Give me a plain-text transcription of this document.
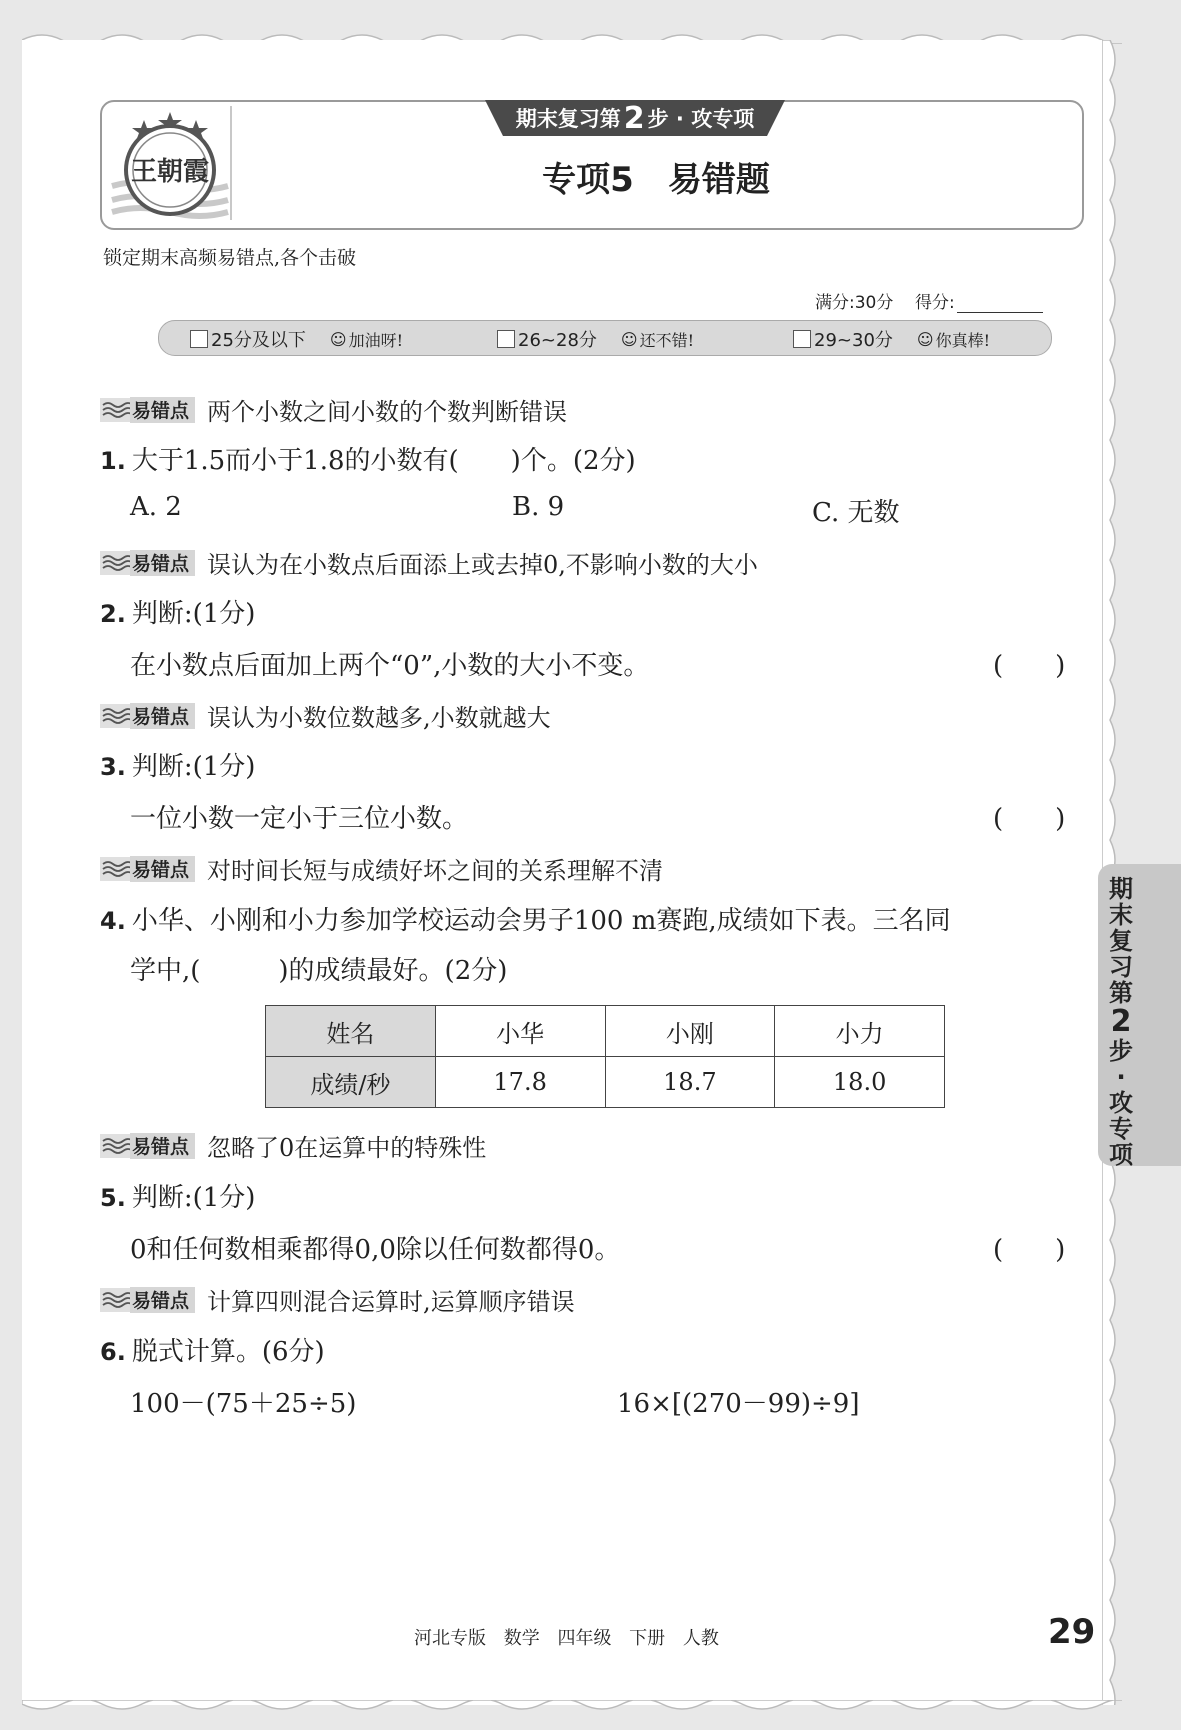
王朝霞
期末复习第 2 步 · 攻专项
专项5　易错题
锁定期末高频易错点,各个击破
满分:30分 得分:
25分及以下 ☺ 加油呀!	26~28分 ☺ 还不错!	29~30分 ☺ 你真棒!
易错点 两个小数之间小数的个数判断错误
1. 大于1.5而小于1.8的小数有(　　)个。(2分)
A. 2	B. 9	C. 无数
易错点 误认为在小数点后面添上或去掉0,不影响小数的大小
2. 判断:(1分)
在小数点后面加上两个“0”,小数的大小不变。	(　　)
易错点 误认为小数位数越多,小数就越大
3. 判断:(1分)
一位小数一定小于三位小数。	(　　)
易错点 对时间长短与成绩好坏之间的关系理解不清
4. 小华、小刚和小力参加学校运动会男子100 m赛跑,成绩如下表。三名同
学中,(　　　)的成绩最好。(2分)
姓名	小华	小刚	小力
成绩/秒	17.8	18.7	18.0
易错点 忽略了0在运算中的特殊性
5. 判断:(1分)
0和任何数相乘都得0,0除以任何数都得0。	(　　)
易错点 计算四则混合运算时,运算顺序错误
6. 脱式计算。(6分)
100－(75＋25÷5)	16×[(270－99)÷9]
期
末
复
习
第
2
步
·
攻
专
项
河北专版 数学 四年级 下册 人教	29
